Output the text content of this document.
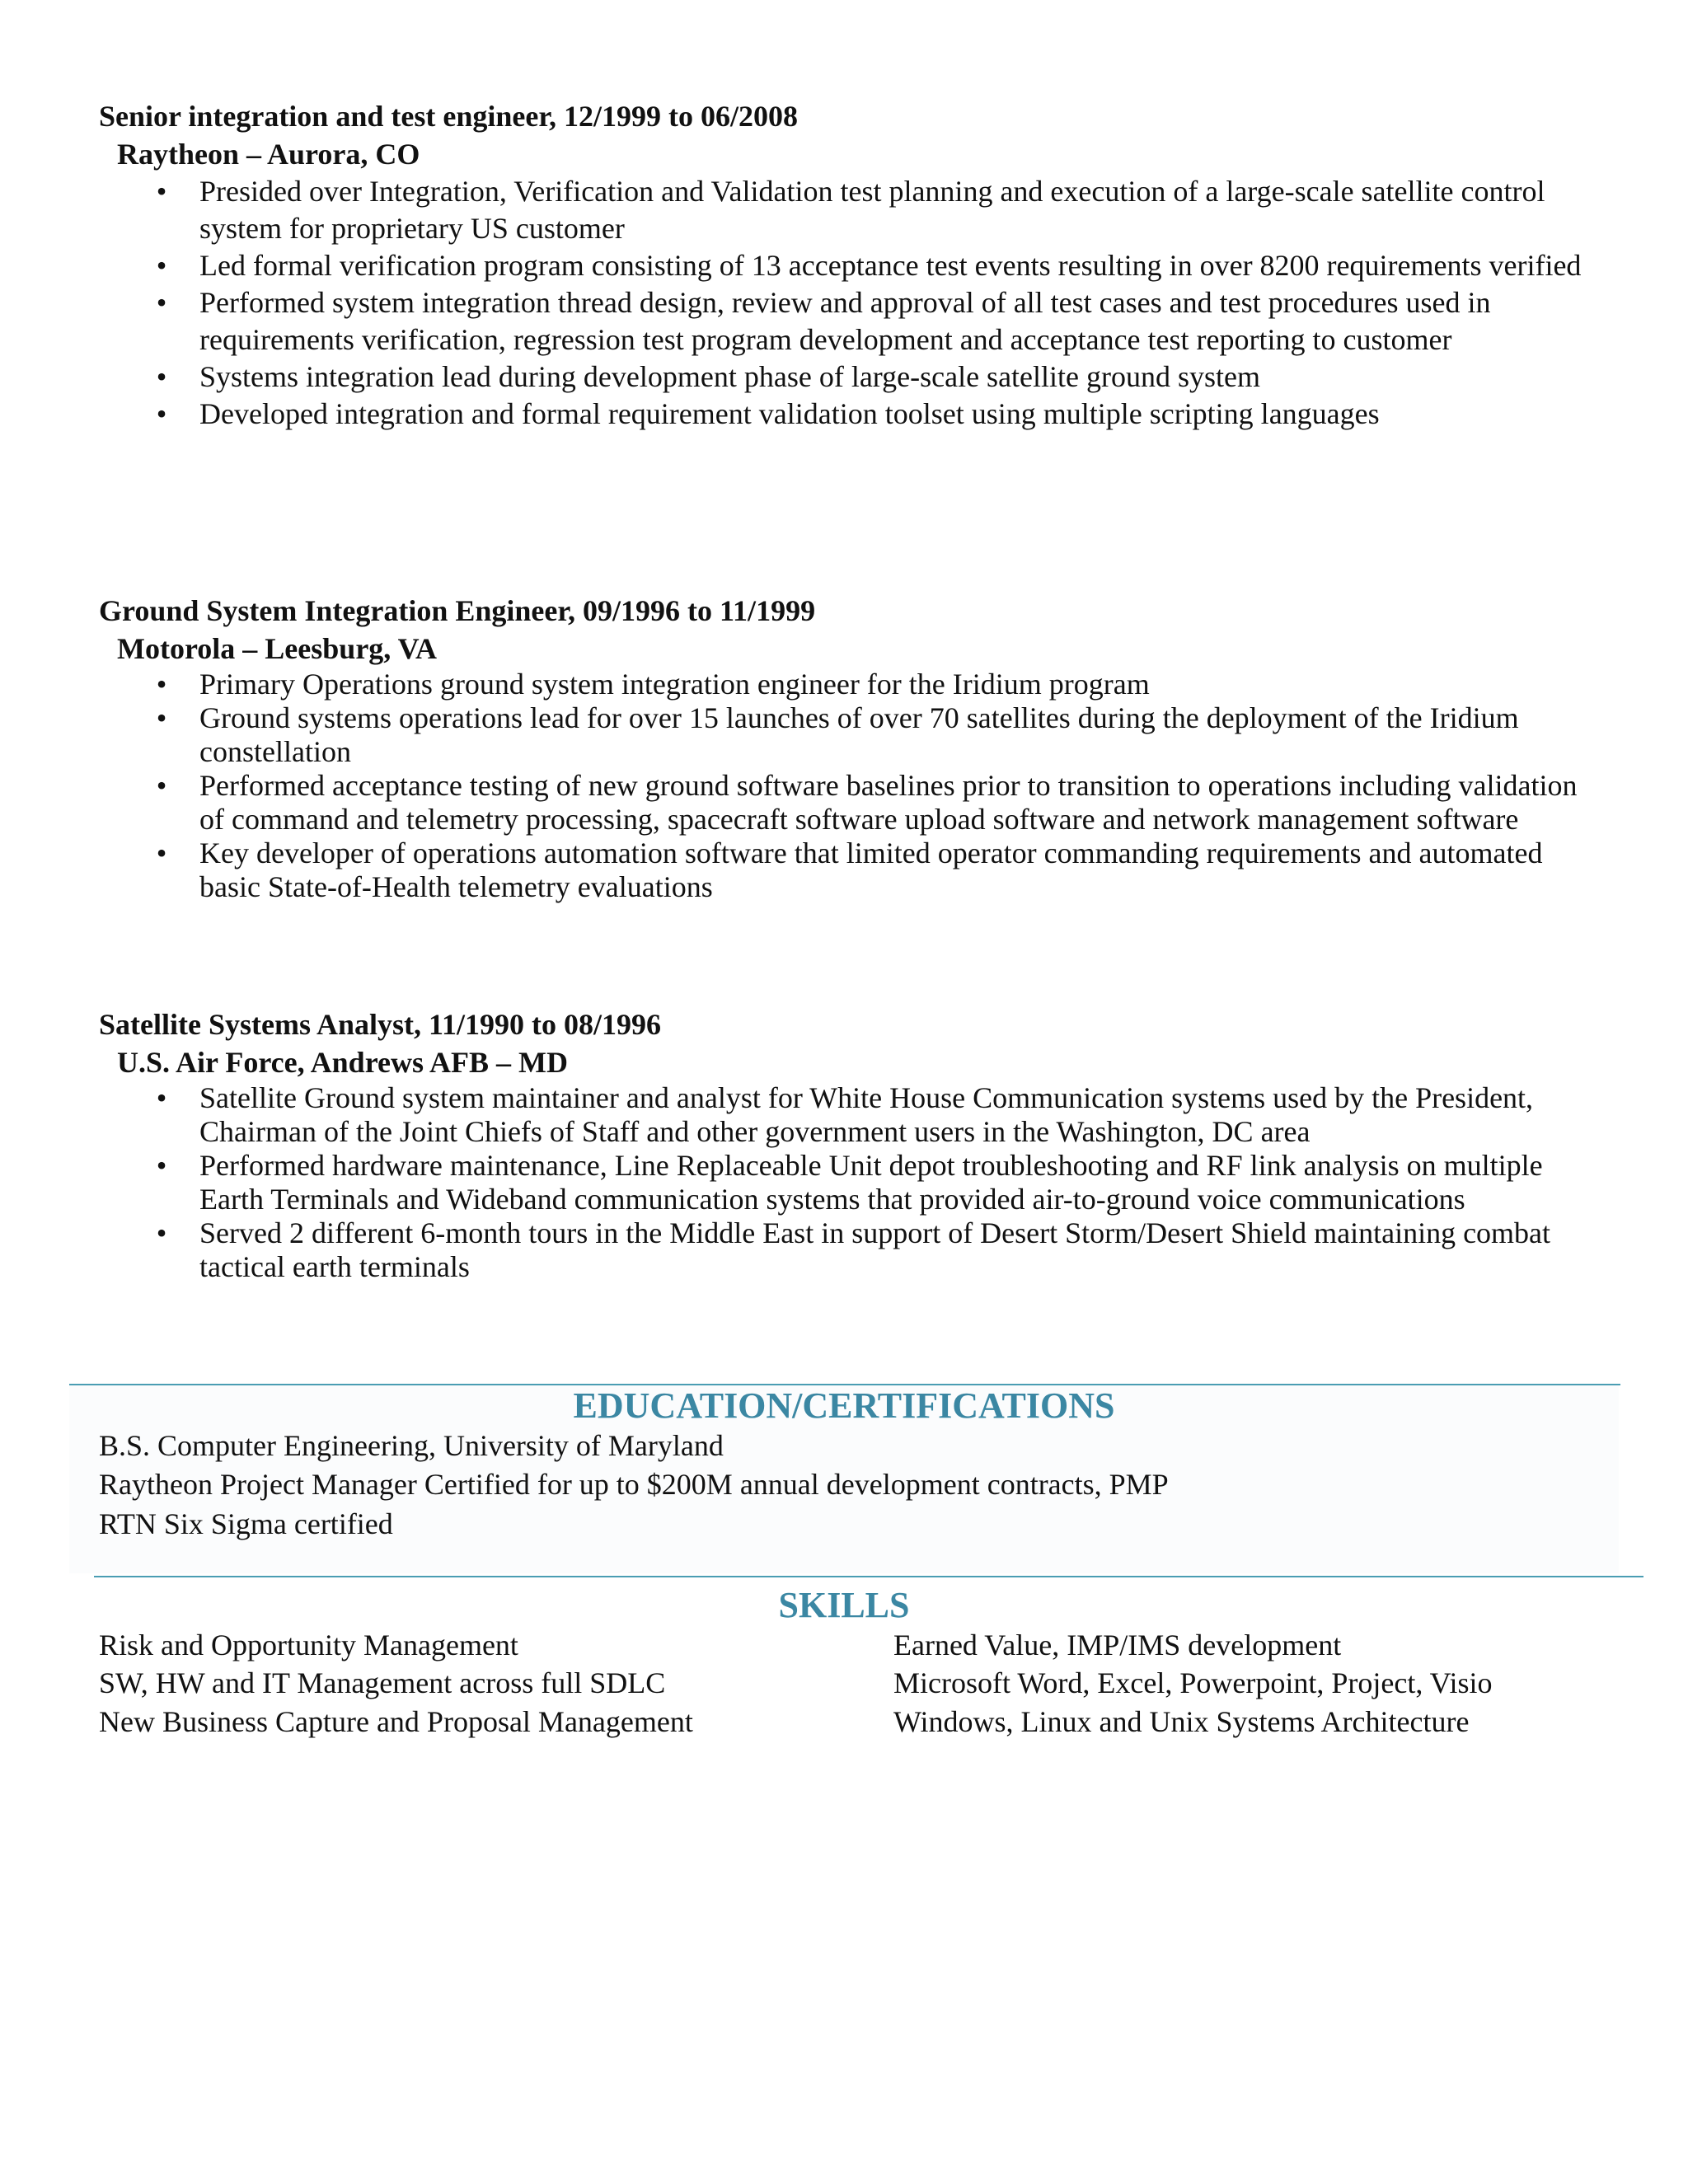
Senior integration and test engineer, 12/1999 to 06/2008

Raytheon – Aurora, CO

• Presided over Integration, Verification and Validation test planning and execution of a large-scale satellite control system for proprietary US customer
• Led formal verification program consisting of 13 acceptance test events resulting in over 8200 requirements verified
• Performed system integration thread design, review and approval of all test cases and test procedures used in requirements verification, regression test program development and acceptance test reporting to customer
• Systems integration lead during development phase of large-scale satellite ground system
• Developed integration and formal requirement validation toolset using multiple scripting languages

Ground System Integration Engineer, 09/1996 to 11/1999

Motorola – Leesburg, VA

• Primary Operations ground system integration engineer for the Iridium program
• Ground systems operations lead for over 15 launches of over 70 satellites during the deployment of the Iridium constellation
• Performed acceptance testing of new ground software baselines prior to transition to operations including validation of command and telemetry processing, spacecraft software upload software and network management software
• Key developer of operations automation software that limited operator commanding requirements and automated basic State-of-Health telemetry evaluations

Satellite Systems Analyst, 11/1990 to 08/1996

U.S. Air Force, Andrews AFB – MD

• Satellite Ground system maintainer and analyst for White House Communication systems used by the President, Chairman of the Joint Chiefs of Staff and other government users in the Washington, DC area
• Performed hardware maintenance, Line Replaceable Unit depot troubleshooting and RF link analysis on multiple Earth Terminals and Wideband communication systems that provided air-to-ground voice communications
• Served 2 different 6-month tours in the Middle East in support of Desert Storm/Desert Shield maintaining combat tactical earth terminals

EDUCATION/CERTIFICATIONS

B.S. Computer Engineering, University of Maryland

Raytheon Project Manager Certified for up to $200M annual development contracts, PMP

RTN Six Sigma certified

SKILLS

Risk and Opportunity Management

SW, HW and IT Management across full SDLC

New Business Capture and Proposal Management

Earned Value, IMP/IMS development

Microsoft Word, Excel, Powerpoint, Project, Visio

Windows, Linux and Unix Systems Architecture
